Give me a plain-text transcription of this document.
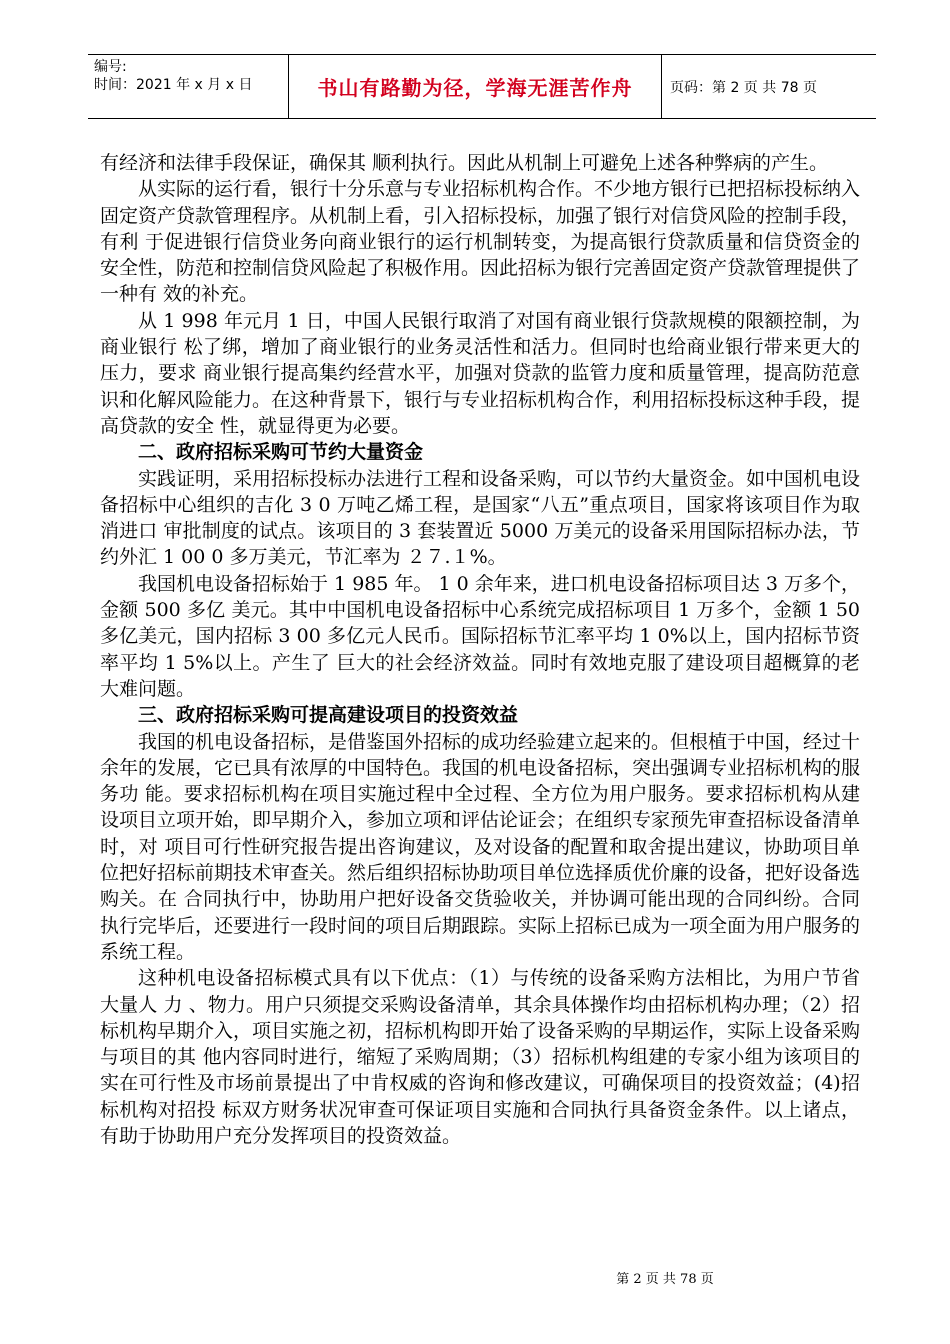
编号:
时间：2021 年 x 月 x 日	书山有路勤为径，学海无涯苦作舟	页码：第 2 页 共 78 页

有经济和法律手段保证，确保其 顺利执行。因此从机制上可避免上述各种弊病的产生。

从实际的运行看，银行十分乐意与专业招标机构合作。不少地方银行已把招标投标纳入固定资产贷款管理程序。从机制上看，引入招标投标，加强了银行对信贷风险的控制手段，有利 于促进银行信贷业务向商业银行的运行机制转变，为提高银行贷款质量和信贷资金的安全性，防范和控制信贷风险起了积极作用。因此招标为银行完善固定资产贷款管理提供了一种有 效的补充。

从 1 998 年元月 1 日，中国人民银行取消了对国有商业银行贷款规模的限额控制，为商业银行 松了绑，增加了商业银行的业务灵活性和活力。但同时也给商业银行带来更大的压力，要求 商业银行提高集约经营水平，加强对贷款的监管力度和质量管理，提高防范意识和化解风险能力。在这种背景下，银行与专业招标机构合作，利用招标投标这种手段，提高贷款的安全 性，就显得更为必要。

二、政府招标采购可节约大量资金

实践证明，采用招标投标办法进行工程和设备采购，可以节约大量资金。如中国机电设备招标中心组织的吉化 3 0 万吨乙烯工程，是国家“八五”重点项目，国家将该项目作为取消进口 审批制度的试点。该项目的 3 套装置近 5000 万美元的设备采用国际招标办法，节约外汇 1 00 0 多万美元，节汇率为 ２７.１%。

我国机电设备招标始于 1 985 年。 1 0 余年来，进口机电设备招标项目达 3 万多个，金额 500 多亿 美元。其中中国机电设备招标中心系统完成招标项目 1 万多个，金额 1 50 多亿美元，国内招标 3 00 多亿元人民币。国际招标节汇率平均 1 0%以上，国内招标节资率平均 1 5%以上。产生了 巨大的社会经济效益。同时有效地克服了建设项目超概算的老大难问题。

三、政府招标采购可提高建设项目的投资效益

我国的机电设备招标，是借鉴国外招标的成功经验建立起来的。但根植于中国，经过十余年的发展，它已具有浓厚的中国特色。我国的机电设备招标，突出强调专业招标机构的服务功 能。要求招标机构在项目实施过程中全过程、全方位为用户服务。要求招标机构从建设项目立项开始，即早期介入，参加立项和评估论证会；在组织专家预先审查招标设备清单时，对 项目可行性研究报告提出咨询建议，及对设备的配置和取舍提出建议，协助项目单位把好招标前期技术审查关。然后组织招标协助项目单位选择质优价廉的设备，把好设备选购关。在 合同执行中，协助用户把好设备交货验收关，并协调可能出现的合同纠纷。合同执行完毕后，还要进行一段时间的项目后期跟踪。实际上招标已成为一项全面为用户服务的系统工程。

这种机电设备招标模式具有以下优点：（1）与传统的设备采购方法相比，为用户节省大量人 力 、物力。用户只须提交采购设备清单，其余具体操作均由招标机构办理；（2）招标机构早期介入，项目实施之初，招标机构即开始了设备采购的早期运作，实际上设备采购与项目的其 他内容同时进行，缩短了采购周期；（3）招标机构组建的专家小组为该项目的实在可行性及市场前景提出了中肯权威的咨询和修改建议，可确保项目的投资效益；(4)招标机构对招投 标双方财务状况审查可保证项目实施和合同执行具备资金条件。以上诸点，有助于协助用户充分发挥项目的投资效益。

第 2 页 共 78 页
